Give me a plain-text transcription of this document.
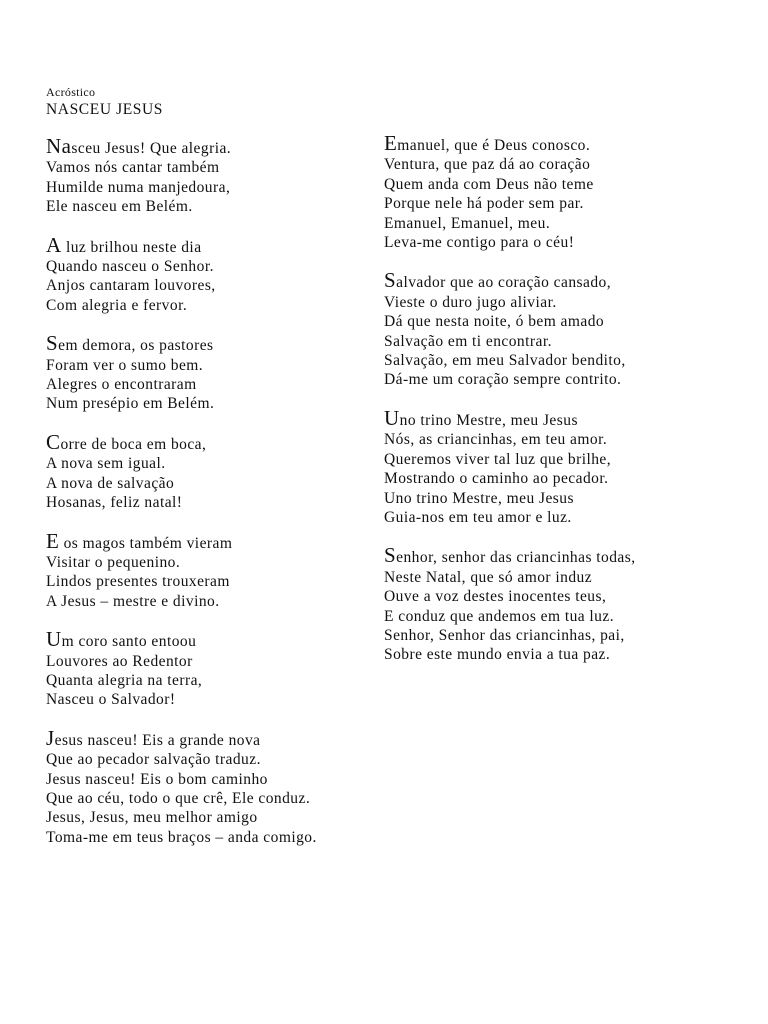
Acróstico
NASCEU JESUS
Nasceu Jesus! Que alegria.
Vamos nós cantar também
Humilde numa manjedoura,
Ele nasceu em Belém.
A luz brilhou neste dia
Quando nasceu o Senhor.
Anjos cantaram louvores,
Com alegria e fervor.
Sem demora, os pastores
Foram ver o sumo bem.
Alegres o encontraram
Num presépio em Belém.
Corre de boca em boca,
A nova sem igual.
A nova de salvação
Hosanas, feliz natal!
E os magos também vieram
Visitar o pequenino.
Lindos presentes trouxeram
A Jesus – mestre e divino.
Um coro santo entoou
Louvores ao Redentor
Quanta alegria na terra,
Nasceu o Salvador!
Jesus nasceu! Eis a grande nova
Que ao pecador salvação traduz.
Jesus nasceu! Eis o bom caminho
Que ao céu, todo o que crê, Ele conduz.
Jesus, Jesus, meu melhor amigo
Toma-me em teus braços – anda comigo.
Emanuel, que é Deus conosco.
Ventura, que paz dá ao coração
Quem anda com Deus não teme
Porque nele há poder sem par.
Emanuel, Emanuel, meu.
Leva-me contigo para o céu!
Salvador que ao coração cansado,
Vieste o duro jugo aliviar.
Dá que nesta noite, ó bem amado
Salvação em ti encontrar.
Salvação, em meu Salvador bendito,
Dá-me um coração sempre contrito.
Uno trino Mestre, meu Jesus
Nós, as criancinhas, em teu amor.
Queremos viver tal luz que brilhe,
Mostrando o caminho ao pecador.
Uno trino Mestre, meu Jesus
Guia-nos em teu amor e luz.
Senhor, senhor das criancinhas todas,
Neste Natal, que só amor induz
Ouve a voz destes inocentes teus,
E conduz que andemos em tua luz.
Senhor, Senhor das criancinhas, pai,
Sobre este mundo envia a tua paz.
